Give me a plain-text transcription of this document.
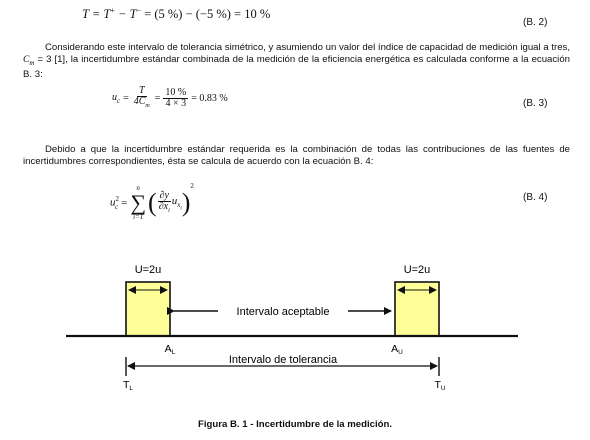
T = T+ − T− = (5 %) − (−5 %) = 10 %
(B. 2)
Considerando este intervalo de tolerancia simétrico, y asumiendo un valor del índice de capacidad de medición igual a tres, $C_m = 3$ [1], la incertidumbre estándar combinada de la medición de la eficiencia energética es calculada conforme a la ecuación B. 3:
$u_c = \frac{T}{4C_m} = \frac{10 \%}{4 \times 3} = 0.83$ %	(B. 3)
Debido a que la incertidumbre estándar requerida es la combinación de todas las contribuciones de las fuentes de incertidumbres correspondientes, ésta se calcula de acuerdo con la ecuación B. 4:
$u^2_c$ =
n
∑
i=1 ( $\frac{\partial y}{\partial x_i} u_{x_i}$ )
2
(B. 4)
U=2u	U=2u
Intervalo aceptable
AL	AU
Intervalo de tolerancia
TL	TU
Figura B. 1 - Incertidumbre de la medición.
